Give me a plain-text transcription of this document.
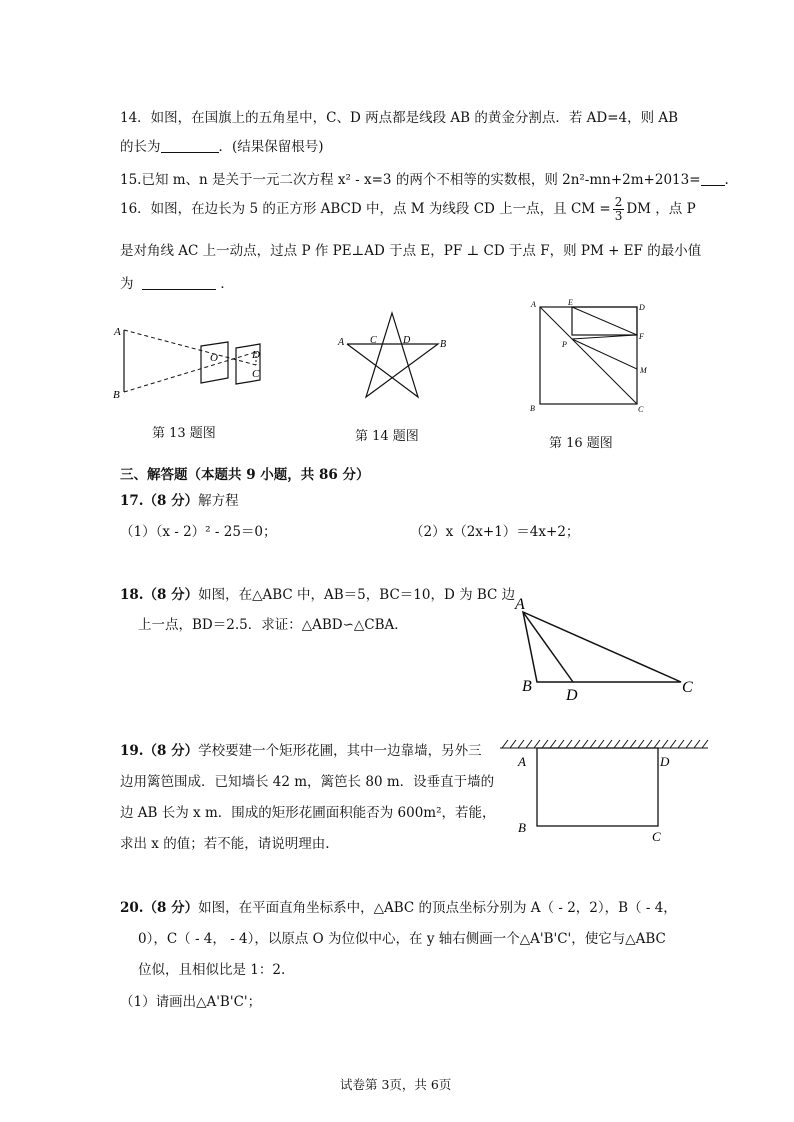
14．如图，在国旗上的五角星中，C、D 两点都是线段 AB 的黄金分割点．若 AD=4，则 AB
的长为	．(结果保留根号)
15.已知 m、n 是关于一元二次方程 x² - x=3 的两个不相等的实数根，则 2n²-mn+2m+2013= .
16．如图，在边长为 5 的正方形 ABCD 中，点 M 为线段 CD 上一点，且 CM = $\frac{2}{3}$ DM ，点 P
是对角线 AC 上一动点，过点 P 作 PE⊥AD 于点 E，PF ⊥ CD 于点 F，则 PM + EF 的最小值
为	．
A
B
O	D
C
第 13 题图
A	C	D	B
第 14 题图
A	E
D
F
P
M
B	C
第 16 题图
三、解答题（本题共 9 小题，共 86 分）
17.（8 分）解方程
（1）（x - 2）² - 25＝0；	（2）x（2x+1）＝4x+2；
18.（8 分）如图，在△ABC 中，AB＝5，BC＝10，D 为 BC 边
上一点，BD＝2.5．求证：△ABD∽△CBA．
A
B
D	C
19.（8 分）学校要建一个矩形花圃，其中一边靠墙，另外三
边用篱笆围成．已知墙长 42 m，篱笆长 80 m．设垂直于墙的
边 AB 长为 x m．围成的矩形花圃面积能否为 600m²，若能，
求出 x 的值；若不能，请说明理由.
A	D
B
C
20.（8 分）如图，在平面直角坐标系中，△ABC 的顶点坐标分别为 A（ - 2，2），B（ - 4，
0），C（ - 4， - 4），以原点 O 为位似中心，在 y 轴右侧画一个△A'B'C'，使它与△ABC
位似，且相似比是 1：2.
（1）请画出△A'B'C'；
试卷第 3页，共 6页
